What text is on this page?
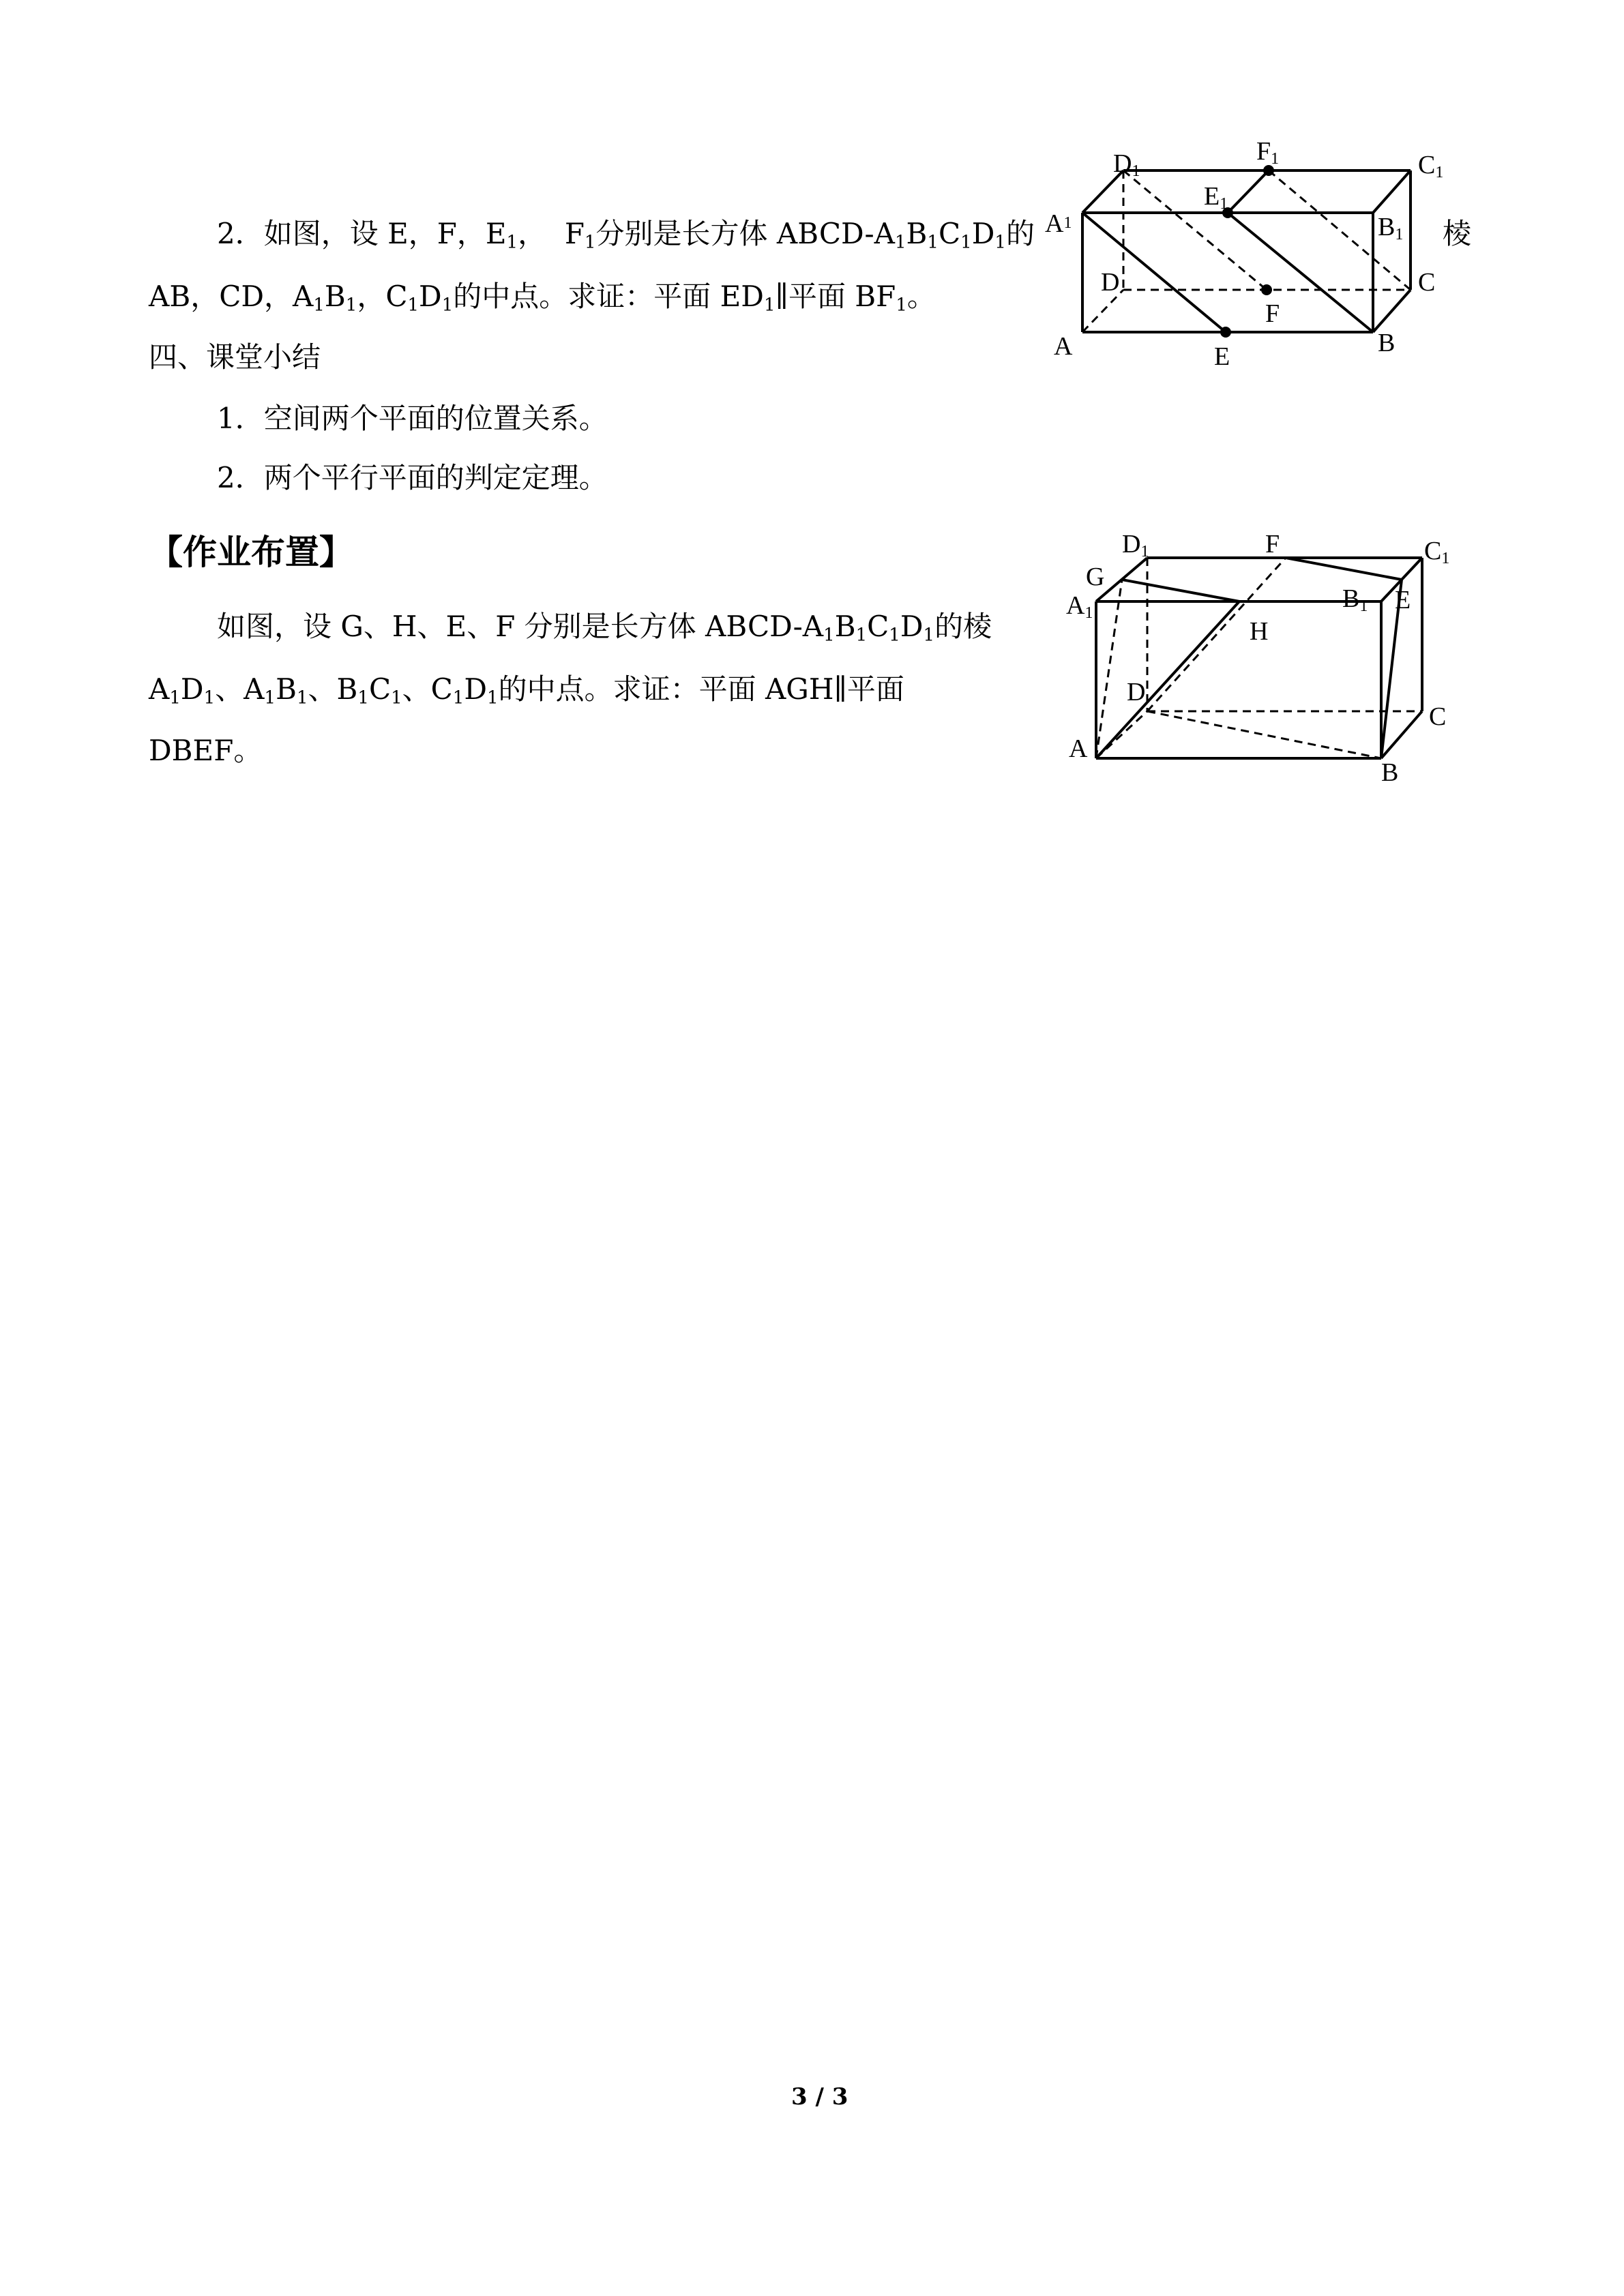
2．如图，设 E，F，$E_1$， $F_1$分别是长方体 ABCD-$A_1B_1C_1D_1$的	棱
AB，CD，$A_1B_1$，$C_1D_1$的中点。求证：平面 $ED_1\parallel$平面 $BF_1$。
四、课堂小结
1．空间两个平面的位置关系。
2．两个平行平面的判定定理。
【作业布置】
如图，设 G、H、E、F 分别是长方体 ABCD-$A_1B_1C_1D_1$的棱
$A_1D_1$、$A_1B_1$、$B_1C_1$、$C_1D_1$的中点。求证：平面 AGH∥平面
DBEF。
D1
F1	C1
E1
A1	B1
D	C
F
A	E	B
D1	F	C1
G
A1	B1 E
H
D
C
A
B
3 / 3
